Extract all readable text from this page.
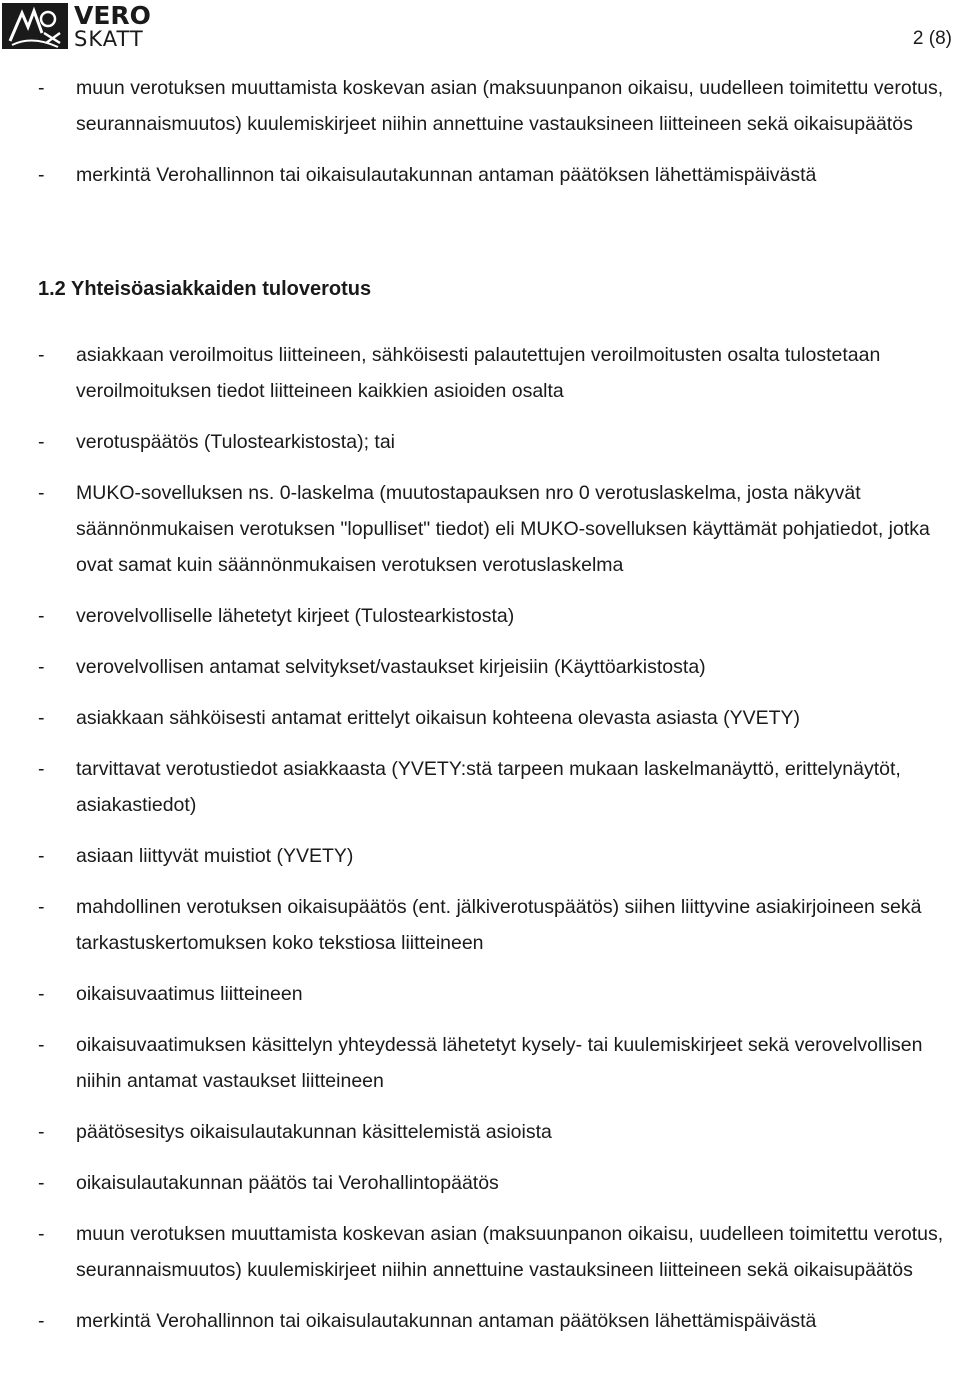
VERO
SKATT	2 (8)
- muun verotuksen muuttamista koskevan asian (maksuunpanon oikaisu, uudelleen toimitettu verotus, seurannaismuutos) kuulemiskirjeet niihin annettuine vastauksineen liitteineen sekä oikaisupäätös
- merkintä Verohallinnon tai oikaisulautakunnan antaman päätöksen lähettämispäivästä
1.2 Yhteisöasiakkaiden tuloverotus
- asiakkaan veroilmoitus liitteineen, sähköisesti palautettujen veroilmoitusten osalta tulostetaan veroilmoituksen tiedot liitteineen kaikkien asioiden osalta
- verotuspäätös (Tulostearkistosta); tai
- MUKO-sovelluksen ns. 0-laskelma (muutostapauksen nro 0 verotuslaskelma, josta näkyvät säännönmukaisen verotuksen "lopulliset" tiedot) eli MUKO-sovelluksen käyttämät pohjatiedot, jotka ovat samat kuin säännönmukaisen verotuksen verotuslaskelma
- verovelvolliselle lähetetyt kirjeet (Tulostearkistosta)
- verovelvollisen antamat selvitykset/vastaukset kirjeisiin (Käyttöarkistosta)
- asiakkaan sähköisesti antamat erittelyt oikaisun kohteena olevasta asiasta (YVETY)
- tarvittavat verotustiedot asiakkaasta (YVETY:stä tarpeen mukaan laskelmanäyttö, erittelynäytöt, asiakastiedot)
- asiaan liittyvät muistiot (YVETY)
- mahdollinen verotuksen oikaisupäätös (ent. jälkiverotuspäätös) siihen liittyvine asiakirjoineen sekä tarkastuskertomuksen koko tekstiosa liitteineen
- oikaisuvaatimus liitteineen
- oikaisuvaatimuksen käsittelyn yhteydessä lähetetyt kysely- tai kuulemiskirjeet sekä verovelvollisen niihin antamat vastaukset liitteineen
- päätösesitys oikaisulautakunnan käsittelemistä asioista
- oikaisulautakunnan päätös tai Verohallintopäätös
- muun verotuksen muuttamista koskevan asian (maksuunpanon oikaisu, uudelleen toimitettu verotus, seurannaismuutos) kuulemiskirjeet niihin annettuine vastauksineen liitteineen sekä oikaisupäätös
- merkintä Verohallinnon tai oikaisulautakunnan antaman päätöksen lähettämispäivästä
